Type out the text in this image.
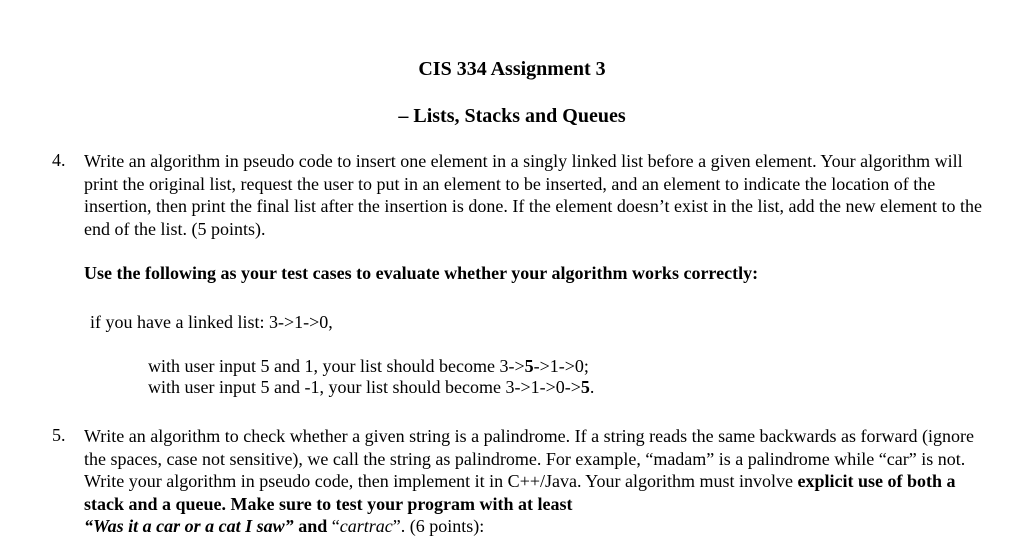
CIS 334 Assignment 3

– Lists, Stacks and Queues

4. Write an algorithm in pseudo code to insert one element in a singly linked list before a given element. Your algorithm will print the original list, request the user to put in an element to be inserted, and an element to indicate the location of the insertion, then print the final list after the insertion is done. If the element doesn’t exist in the list, add the new element to the end of the list. (5 points).

Use the following as your test cases to evaluate whether your algorithm works correctly:

if you have a linked list: 3->1->0,

with user input 5 and 1, your list should become 3->5->1->0;

with user input 5 and -1, your list should become 3->1->0->5.

5. Write an algorithm to check whether a given string is a palindrome. If a string reads the same backwards as forward (ignore the spaces, case not sensitive), we call the string as palindrome. For example, “madam” is a palindrome while “car” is not. Write your algorithm in pseudo code, then implement it in C++/Java. Your algorithm must involve explicit use of both a stack and a queue. Make sure to test your program with at least
“Was it a car or a cat I saw” and “cartrac”. (6 points):
